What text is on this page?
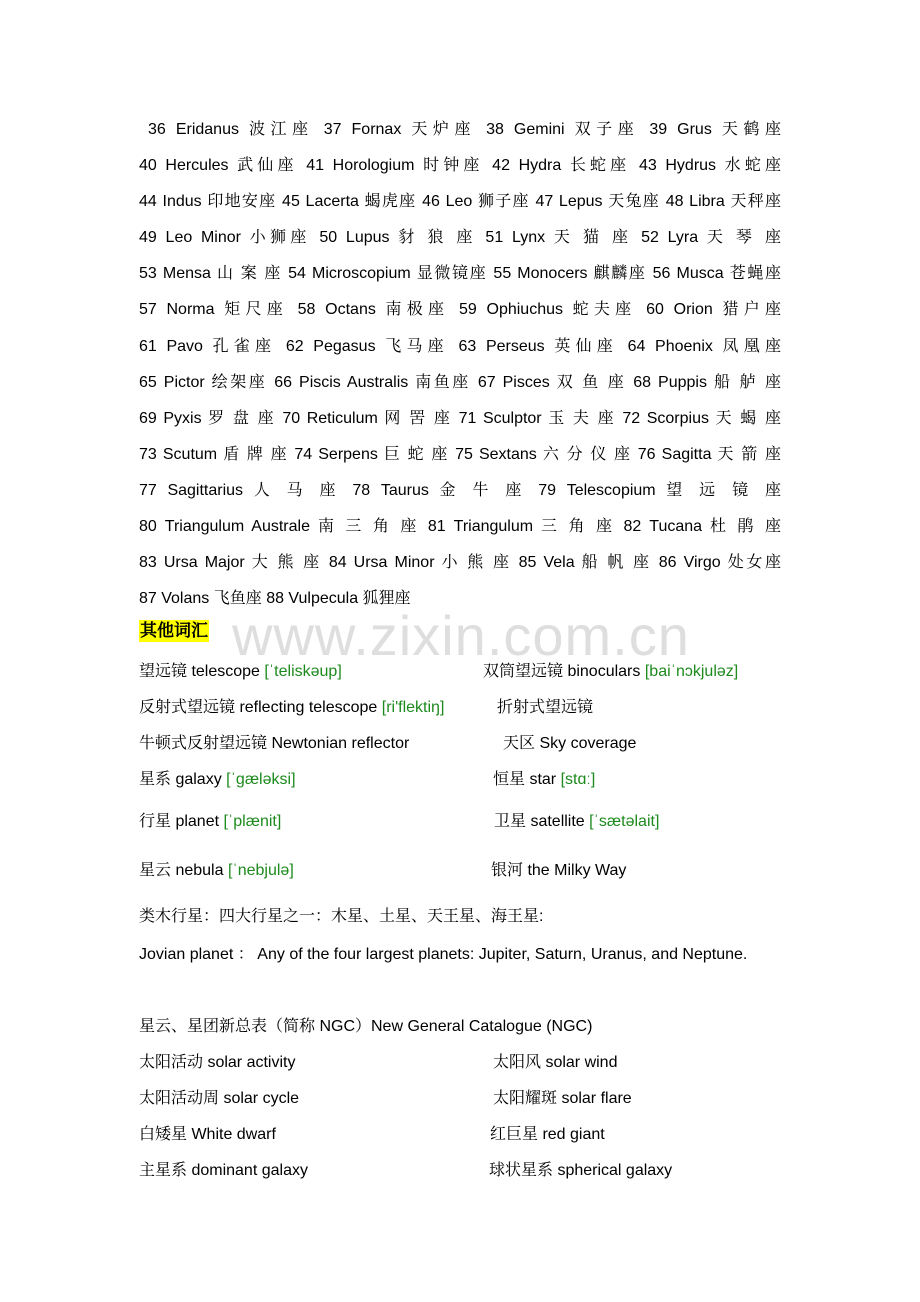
36 Eridanus 波江座 37 Fornax 天炉座 38 Gemini 双子座 39 Grus 天鹤座 40 Hercules 武仙座 41 Horologium 时钟座 42 Hydra 长蛇座 43 Hydrus 水蛇座 44 Indus 印地安座 45 Lacerta 蝎虎座 46 Leo 狮子座 47 Lepus 天兔座 48 Libra 天秤座 49 Leo Minor 小狮座 50 Lupus 豺 狼 座 51 Lynx 天 猫 座 52 Lyra 天 琴 座 53 Mensa 山 案 座 54 Microscopium 显微镜座 55 Monocers 麒麟座 56 Musca 苍蝇座 57 Norma 矩尺座 58 Octans 南极座 59 Ophiuchus 蛇夫座 60 Orion 猎户座 61 Pavo 孔雀座 62 Pegasus 飞马座 63 Perseus 英仙座 64 Phoenix 凤凰座 65 Pictor 绘架座 66 Piscis Australis 南鱼座 67 Pisces 双 鱼 座 68 Puppis 船 舻 座 69 Pyxis 罗 盘 座 70 Reticulum 网 罟 座 71 Sculptor 玉 夫 座 72 Scorpius 天 蝎 座 73 Scutum 盾 牌 座 74 Serpens 巨 蛇 座 75 Sextans 六 分 仪 座 76 Sagitta 天 箭 座 77 Sagittarius 人 马 座 78 Taurus 金 牛 座 79 Telescopium 望 远 镜 座 80 Triangulum Australe 南 三 角 座 81 Triangulum 三 角 座 82 Tucana 杜 鹃 座 83 Ursa Major 大 熊 座 84 Ursa Minor 小 熊 座 85 Vela 船 帆 座 86 Virgo 处女座 87 Volans 飞鱼座 88 Vulpecula 狐狸座
www.zixin.com.cn
其他词汇
望远镜 telescope [ˈteliskəup]	双筒望远镜 binoculars [baiˈnɔkjuləz]
反射式望远镜 reflecting telescope [ri'flektiŋ]	折射式望远镜
牛顿式反射望远镜 Newtonian reflector	天区 Sky coverage
星系 galaxy [ˈɡæləksi]	恒星 star [stɑː]
行星 planet [ˈplænit]	卫星 satellite [ˈsætəlait]
星云 nebula [ˈnebjulə]	银河 the Milky Way
类木行星：四大行星之一：木星、土星、天王星、海王星:
Jovian planet ： Any of the four largest planets: Jupiter, Saturn, Uranus, and Neptune.
星云、星团新总表（简称 NGC）New General Catalogue (NGC)
太阳活动 solar activity	太阳风 solar wind
太阳活动周 solar cycle	太阳耀斑 solar flare
白矮星 White dwarf	红巨星 red giant
主星系 dominant galaxy	球状星系 spherical galaxy
